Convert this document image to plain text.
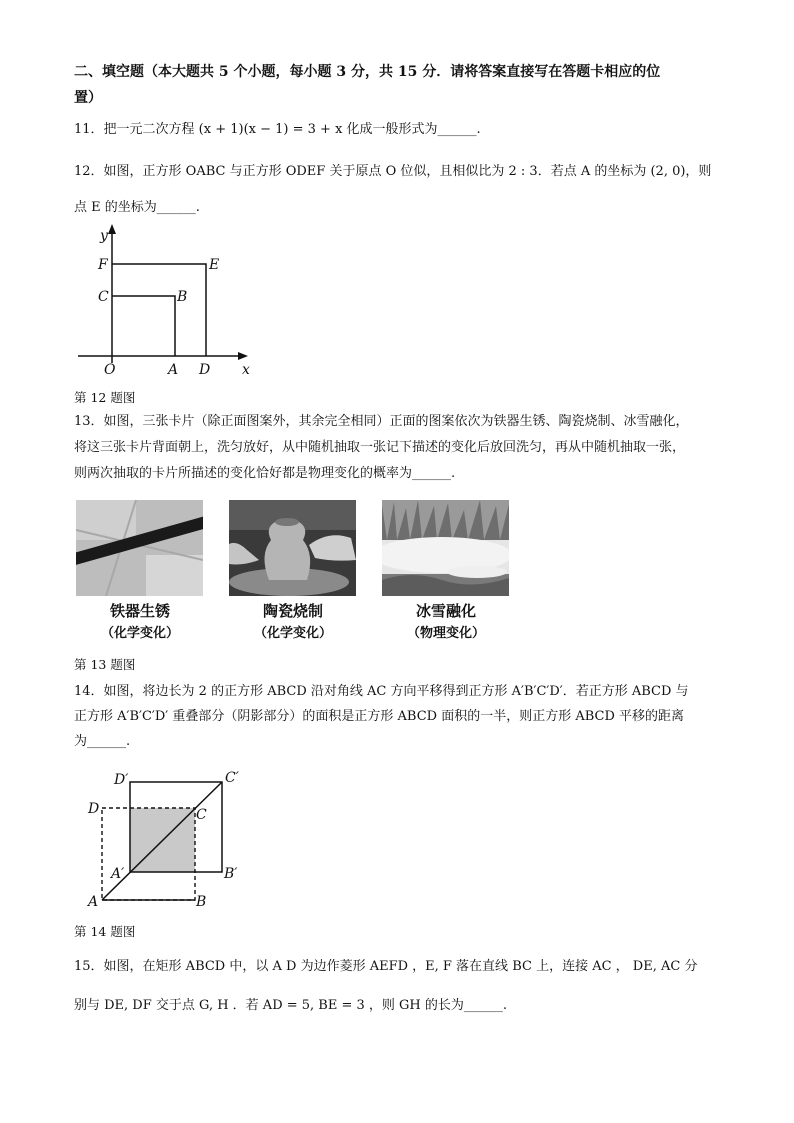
二、填空题（本大题共 5 个小题，每小题 3 分，共 15 分．请将答案直接写在答题卡相应的位
置）
11．把一元二次方程 (x + 1)(x − 1) = 3 + x 化成一般形式为______.
12．如图，正方形 OABC 与正方形 ODEF 关于原点 O 位似，且相似比为 2 : 3．若点 A 的坐标为 (2, 0)，则
点 E 的坐标为______.
y
x
F	E
C	B
O	A D
第 12 题图
13．如图，三张卡片（除正面图案外，其余完全相同）正面的图案依次为铁器生锈、陶瓷烧制、冰雪融化，
将这三张卡片背面朝上，洗匀放好，从中随机抽取一张记下描述的变化后放回洗匀，再从中随机抽取一张，
则两次抽取的卡片所描述的变化恰好都是物理变化的概率为______.
铁器生锈
（化学变化）
陶瓷烧制
（化学变化）
冰雪融化
（物理变化）
第 13 题图
14．如图，将边长为 2 的正方形 ABCD 沿对角线 AC 方向平移得到正方形 A′B′C′D′．若正方形 ABCD 与
正方形 A′B′C′D′ 重叠部分（阴影部分）的面积是正方形 ABCD 面积的一半，则正方形 ABCD 平移的距离
为______.
D′	C′
D	C
A′	B′
A	B
第 14 题图
15．如图，在矩形 ABCD 中，以 A D 为边作菱形 AEFD ，E, F 落在直线 BC 上，连接 AC ， DE, AC 分
别与 DE, DF 交于点 G, H ．若 AD = 5, BE = 3 ，则 GH 的长为______.
